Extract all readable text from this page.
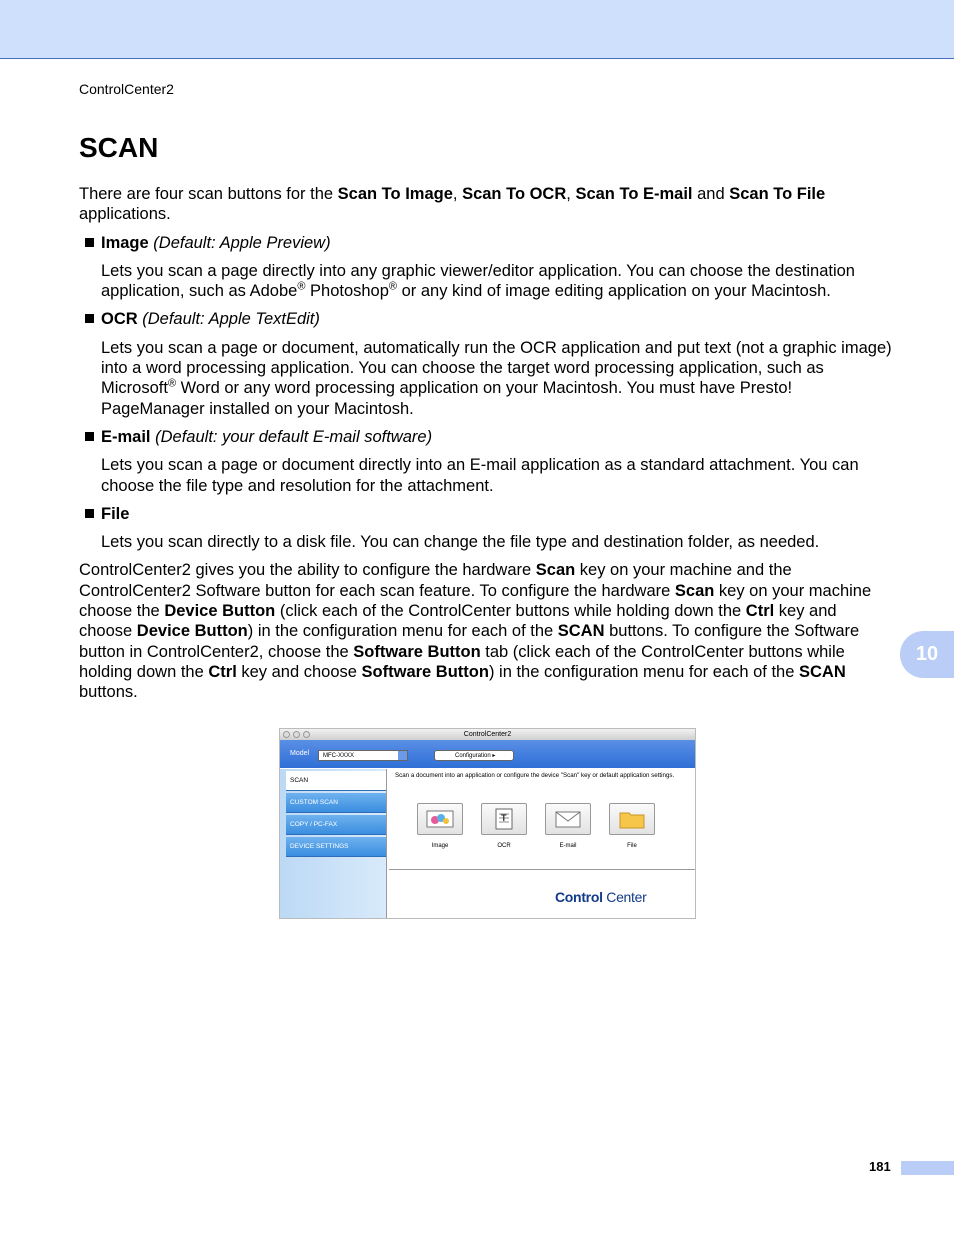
ControlCenter2
SCAN

There are four scan buttons for the Scan To Image, Scan To OCR, Scan To E-mail and Scan To File applications.

Image (Default: Apple Preview)
Lets you scan a page directly into any graphic viewer/editor application. You can choose the destination application, such as Adobe® Photoshop® or any kind of image editing application on your Macintosh.
OCR (Default: Apple TextEdit)
Lets you scan a page or document, automatically run the OCR application and put text (not a graphic image) into a word processing application. You can choose the target word processing application, such as Microsoft® Word or any word processing application on your Macintosh. You must have Presto! PageManager installed on your Macintosh.
E-mail (Default: your default E-mail software)
Lets you scan a page or document directly into an E-mail application as a standard attachment. You can choose the file type and resolution for the attachment.
File
Lets you scan directly to a disk file. You can change the file type and destination folder, as needed.

ControlCenter2 gives you the ability to configure the hardware Scan key on your machine and the ControlCenter2 Software button for each scan feature. To configure the hardware Scan key on your machine choose the Device Button (click each of the ControlCenter buttons while holding down the Ctrl key and choose Device Button) in the configuration menu for each of the SCAN buttons. To configure the Software button in ControlCenter2, choose the Software Button tab (click each of the ControlCenter buttons while holding down the Ctrl key and choose Software Button) in the configuration menu for each of the SCAN buttons.

ControlCenter2
Model	MFC-XXXX	Configuration ▸
SCAN
CUSTOM SCAN
COPY / PC-FAX
DEVICE SETTINGS
Scan a document into an application or configure the device "Scan" key or default application settings.
Image
T
OCR	E-mail	File
Control Center
10
181
